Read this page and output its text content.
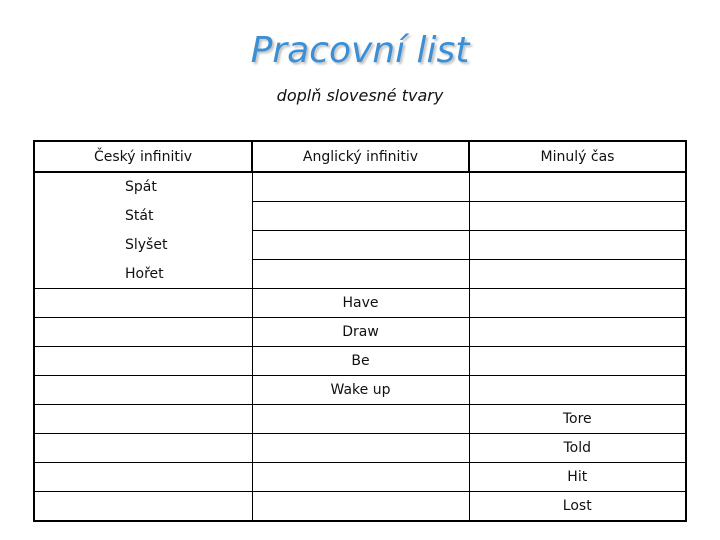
Pracovní list
doplň slovesné tvary
Český infinitiv	Anglický infinitiv	Minulý čas
Spát		
Stát		
Slyšet		
Hořet		
	Have	
	Draw	
	Be	
	Wake up	
		Tore
		Told
		Hit
		Lost
